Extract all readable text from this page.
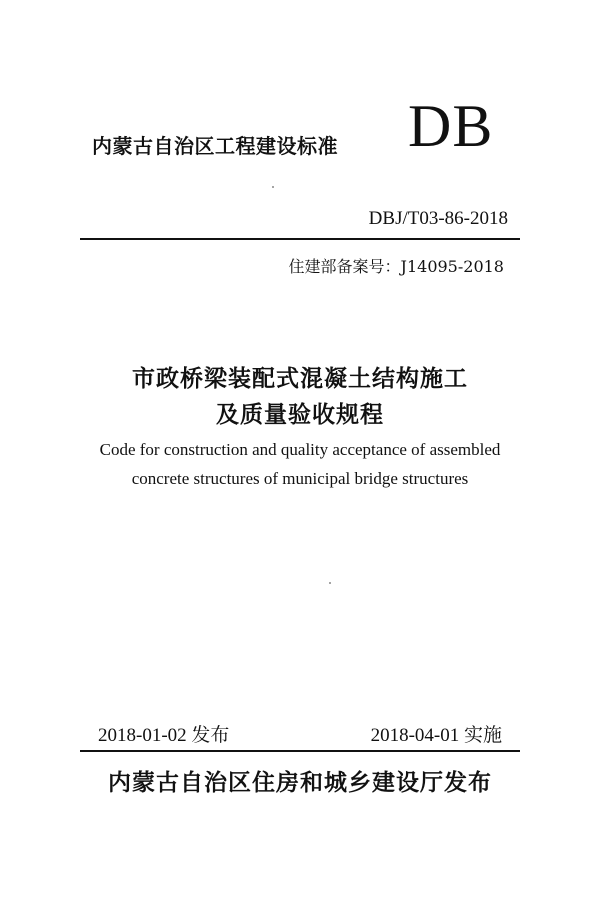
内蒙古自治区工程建设标准 DB
DBJ/T03-86-2018
住建部备案号：J14095-2018
市政桥梁装配式混凝土结构施工
及质量验收规程
Code for construction and quality acceptance of assembled
concrete structures of municipal bridge structures
2018-01-02 发布	2018-04-01 实施
内蒙古自治区住房和城乡建设厅发布
